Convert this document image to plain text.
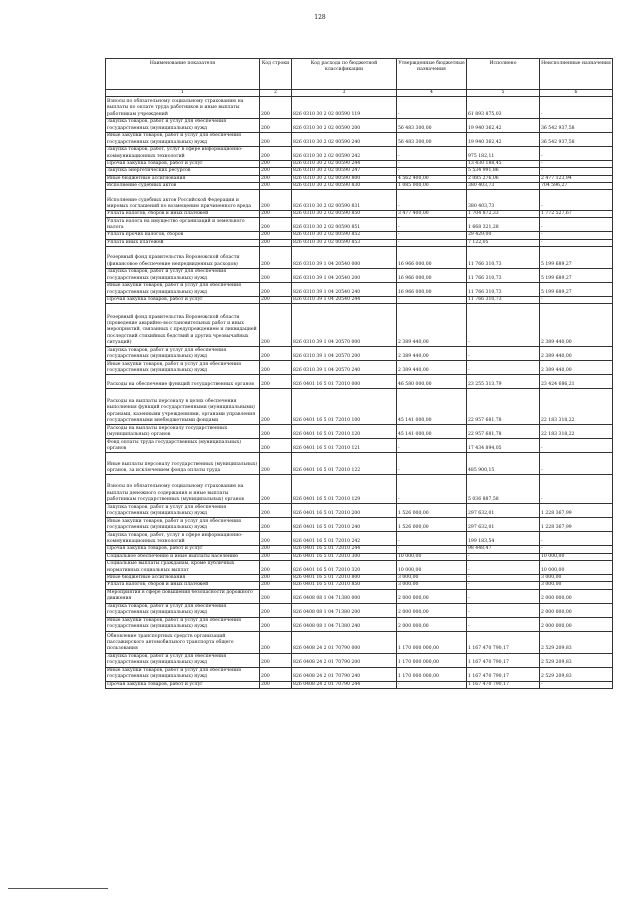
128
Наименование показателя	Код строки	Код расхода по бюджетной классификации	Утвержденные бюджетные назначения	Исполнено	Неисполненные назначения
1	2	3	4	5	6
Взносы по обязательному социальному страхованию на выплаты по оплате труда работников и иные выплаты работникам учреждений	200	826 0310 30 2 02 00590 119	-	61 893 875,03	-
Закупка товаров, работ и услуг для обеспечения государственных (муниципальных) нужд	200	826 0310 30 2 02 00590 200	56 483 300,00	19 940 362,42	36 542 937,58
Иные закупки товаров, работ и услуг для обеспечения государственных (муниципальных) нужд	200	826 0310 30 2 02 00590 240	56 483 300,00	19 940 362,42	36 542 937,58
Закупка товаров, работ, услуг в сфере информационно-коммуникационных технологий	200	826 0310 30 2 02 00590 242	-	975 182,11	-
Прочая закупка товаров, работ и услуг	200	826 0310 30 2 02 00590 244	-	13 430 188,45	-
Закупка энергетических ресурсов	200	826 0310 30 2 02 00590 247	-	5 534 991,86	-
Иные бюджетные ассигнования	200	826 0310 30 2 02 00590 800	4 562 400,00	2 085 276,06	2 477 123,94
Исполнение судебных актов	200	826 0310 30 2 02 00590 830	1 085 000,00	380 403,73	704 596,27
Исполнение судебных актов Российской Федерации и мировых соглашений по возмещению причиненного вреда	200	826 0310 30 2 02 00590 831	-	380 403,73	-
Уплата налогов, сборов и иных платежей	200	826 0310 30 2 02 00590 850	3 477 400,00	1 704 872,33	1 772 527,67
Уплата налога на имущество организаций и земельного налога	200	826 0310 30 2 02 00590 851	-	1 668 321,28	-
Уплата прочих налогов, сборов	200	826 0310 30 2 02 00590 852	-	29 429,00	-
Уплата иных платежей	200	826 0310 30 2 02 00590 853	-	7 122,05	-
Резервный фонд правительства Воронежской области (финансовое обеспечение непредвиденных расходов)	200	826 0310 39 1 04 20540 000	16 966 000,00	11 766 310,73	5 199 689,27
Закупка товаров, работ и услуг для обеспечения государственных (муниципальных) нужд	200	826 0310 39 1 04 20540 200	16 966 000,00	11 766 310,73	5 199 689,27
Иные закупки товаров, работ и услуг для обеспечения государственных (муниципальных) нужд	200	826 0310 39 1 04 20540 240	16 966 000,00	11 766 310,73	5 199 689,27
Прочая закупка товаров, работ и услуг	200	826 0310 39 1 04 20540 244	-	11 766 310,73	-
Резервный фонд правительства Воронежской области (проведение аварийно-восстановительных работ и иных мероприятий, связанных с предупреждением и ликвидацией последствий стихийных бедствий и других чрезвычайных ситуаций)	200	826 0310 39 1 04 20570 000	2 389 440,00	-	2 389 440,00
Закупка товаров, работ и услуг для обеспечения государственных (муниципальных) нужд	200	826 0310 39 1 04 20570 200	2 389 440,00	-	2 389 440,00
Иные закупки товаров, работ и услуг для обеспечения государственных (муниципальных) нужд	200	826 0310 39 1 04 20570 240	2 389 440,00	-	2 389 440,00
Расходы на обеспечение функций государственных органов	200	826 0401 16 5 01 72010 000	46 580 000,00	23 255 313,79	23 424 686,21
Расходы на выплаты персоналу в целях обеспечения выполнения функций государственными (муниципальными) органами, казенными учреждениями, органами управления государственными внебюджетными фондами	200	826 0401 16 5 01 72010 100	45 141 000,00	22 957 681,78	22 183 318,22
Расходы на выплаты персоналу государственных (муниципальных) органов	200	826 0401 16 5 01 72010 120	45 141 000,00	22 957 681,78	22 183 318,22
Фонд оплаты труда государственных (муниципальных) органов	200	826 0401 16 5 01 72010 121	-	17 434 894,05	-
Иные выплаты персоналу государственных (муниципальных) органов, за исключением фонда оплаты труда	200	826 0401 16 5 01 72010 122	-	485 900,15	-
Взносы по обязательному социальному страхованию на выплаты денежного содержания и иные выплаты работникам государственных (муниципальных) органов	200	826 0401 16 5 01 72010 129	-	5 036 887,58	-
Закупка товаров, работ и услуг для обеспечения государственных (муниципальных) нужд	200	826 0401 16 5 01 72010 200	1 526 000,00	297 632,01	1 228 367,99
Иные закупки товаров, работ и услуг для обеспечения государственных (муниципальных) нужд	200	826 0401 16 5 01 72010 240	1 526 000,00	297 632,01	1 228 367,99
Закупка товаров, работ, услуг в сфере информационно-коммуникационных технологий	200	826 0401 16 5 01 72010 242	-	199 183,54	-
Прочая закупка товаров, работ и услуг	200	826 0401 16 5 01 72010 244	-	98 448,47	-
Социальное обеспечение и иные выплаты населению	200	826 0401 16 5 01 72010 300	10 000,00	-	10 000,00
Социальные выплаты гражданам, кроме публичных нормативных социальных выплат	200	826 0401 16 5 01 72010 320	10 000,00	-	10 000,00
Иные бюджетные ассигнования	200	826 0401 16 5 01 72010 800	3 000,00	-	3 000,00
Уплата налогов, сборов и иных платежей	200	826 0401 16 5 01 72010 850	3 000,00	-	3 000,00
Мероприятия в сфере повышения безопасности дорожного движения	200	826 0408 08 1 04 71380 000	2 000 000,00	-	2 000 000,00
Закупка товаров, работ и услуг для обеспечения государственных (муниципальных) нужд	200	826 0408 08 1 04 71380 200	2 000 000,00	-	2 000 000,00
Иные закупки товаров, работ и услуг для обеспечения государственных (муниципальных) нужд	200	826 0408 08 1 04 71380 240	2 000 000,00	-	2 000 000,00
Обновление транспортных средств организаций пассажирского автомобильного транспорта общего пользования	200	826 0408 24 2 01 70790 000	1 170 000 000,00	1 167 470 790,17	2 529 209,83
Закупка товаров, работ и услуг для обеспечения государственных (муниципальных) нужд	200	826 0408 24 2 01 70790 200	1 170 000 000,00	1 167 470 790,17	2 529 209,83
Иные закупки товаров, работ и услуг для обеспечения государственных (муниципальных) нужд	200	826 0408 24 2 01 70790 240	1 170 000 000,00	1 167 470 790,17	2 529 209,83
Прочая закупка товаров, работ и услуг	200	826 0408 24 2 01 70790 244	-	1 167 470 790,17	-
